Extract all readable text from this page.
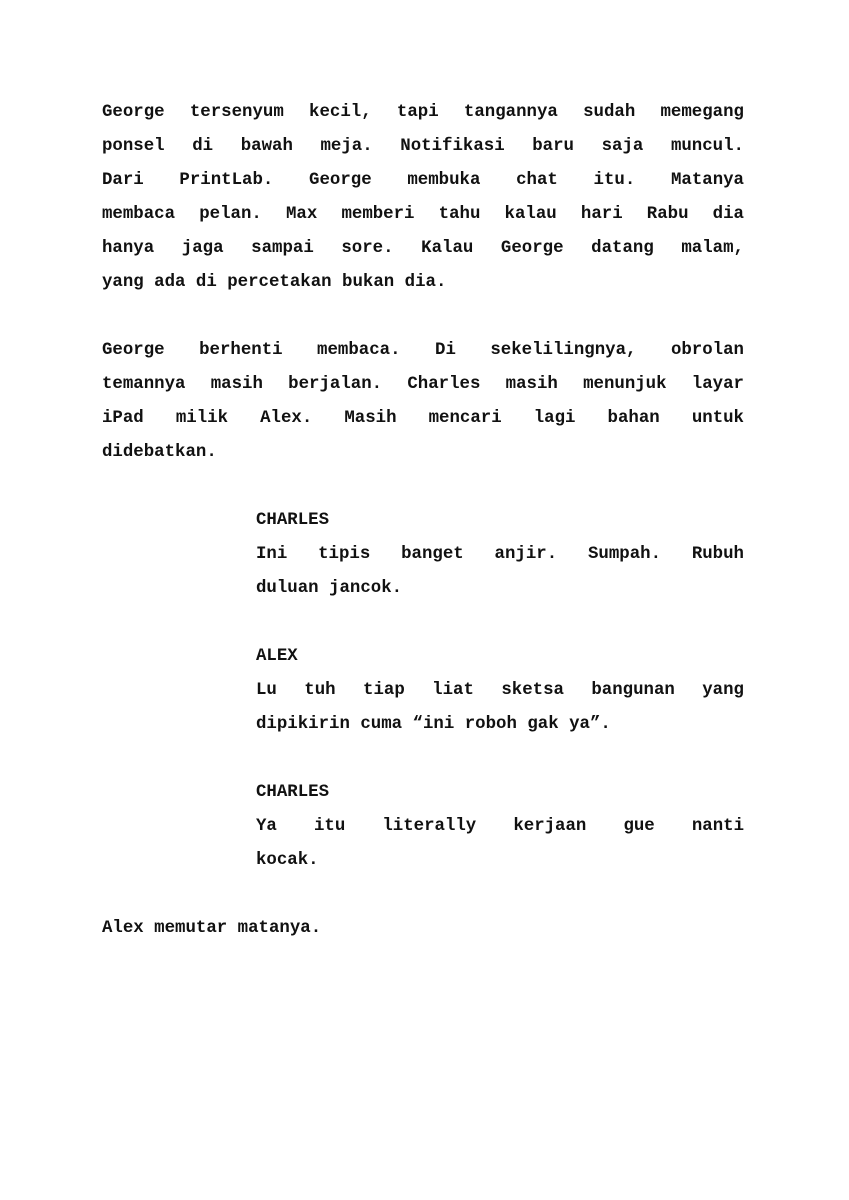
George tersenyum kecil, tapi tangannya sudah memegang
ponsel di bawah meja. Notifikasi baru saja muncul.
Dari PrintLab. George membuka chat itu. Matanya
membaca pelan. Max memberi tahu kalau hari Rabu dia
hanya jaga sampai sore. Kalau George datang malam,
yang ada di percetakan bukan dia.
George berhenti membaca. Di sekelilingnya, obrolan
temannya masih berjalan. Charles masih menunjuk layar
iPad milik Alex. Masih mencari lagi bahan untuk
didebatkan.
CHARLES
Ini tipis banget anjir. Sumpah. Rubuh
duluan jancok.
ALEX
Lu tuh tiap liat sketsa bangunan yang
dipikirin cuma “ini roboh gak ya”.
CHARLES
Ya itu literally kerjaan gue nanti
kocak.
Alex memutar matanya.
